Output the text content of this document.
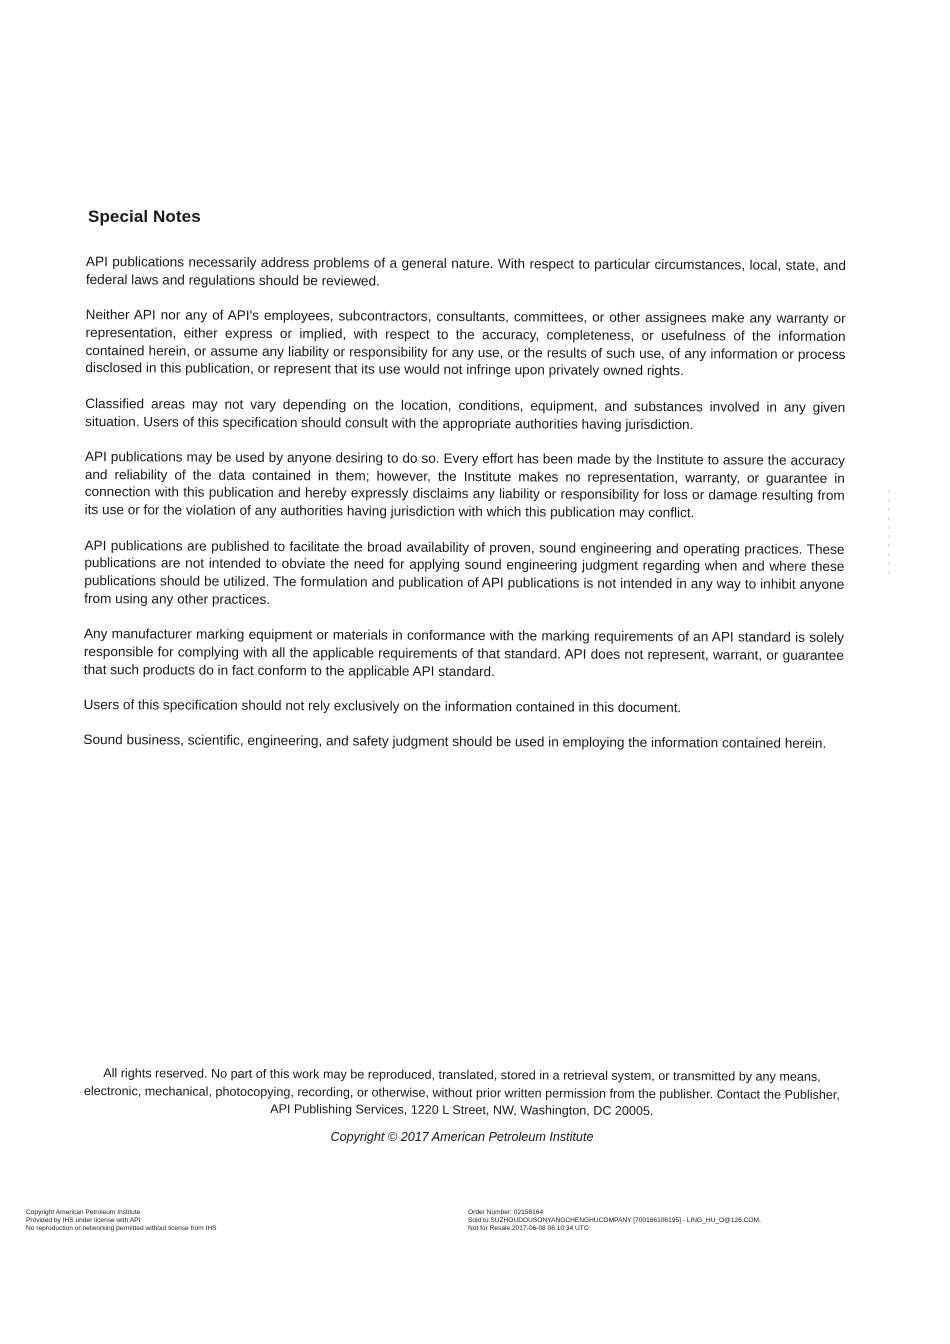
Special Notes

API publications necessarily address problems of a general nature. With respect to particular circumstances, local, state, and federal laws and regulations should be reviewed.

Neither API nor any of API's employees, subcontractors, consultants, committees, or other assignees make any warranty or representation, either express or implied, with respect to the accuracy, completeness, or usefulness of the information contained herein, or assume any liability or responsibility for any use, or the results of such use, of any information or process disclosed in this publication, or represent that its use would not infringe upon privately owned rights.

Classified areas may not vary depending on the location, conditions, equipment, and substances involved in any given situation. Users of this specification should consult with the appropriate authorities having jurisdiction.

API publications may be used by anyone desiring to do so. Every effort has been made by the Institute to assure the accuracy and reliability of the data contained in them; however, the Institute makes no representation, warranty, or guarantee in connection with this publication and hereby expressly disclaims any liability or responsibility for loss or damage resulting from its use or for the violation of any authorities having jurisdiction with which this publication may conflict.

API publications are published to facilitate the broad availability of proven, sound engineering and operating practices. These publications are not intended to obviate the need for applying sound engineering judgment regarding when and where these publications should be utilized. The formulation and publication of API publications is not intended in any way to inhibit anyone from using any other practices.

Any manufacturer marking equipment or materials in conformance with the marking requirements of an API standard is solely responsible for complying with all the applicable requirements of that standard. API does not represent, warrant, or guarantee that such products do in fact conform to the applicable API standard.

Users of this specification should not rely exclusively on the information contained in this document.

Sound business, scientific, engineering, and safety judgment should be used in employing the information contained herein.

All rights reserved. No part of this work may be reproduced, translated, stored in a retrieval system, or transmitted by any means, electronic, mechanical, photocopying, recording, or otherwise, without prior written permission from the publisher. Contact the Publisher, API Publishing Services, 1220 L Street, NW, Washington, DC 20005.
Copyright © 2017 American Petroleum Institute
Copyright American Petroleum Institute
Provided by IHS under license with API
No reproduction or networking permitted without license from IHS
Order Number: 02156164
Sold to:SUZHOUDOUSONYANGCHENGHUCOMPANY [700166106195] - LING_HU_O@126.COM,
Not for Resale,2017-06-08 06:10:34 UTC
